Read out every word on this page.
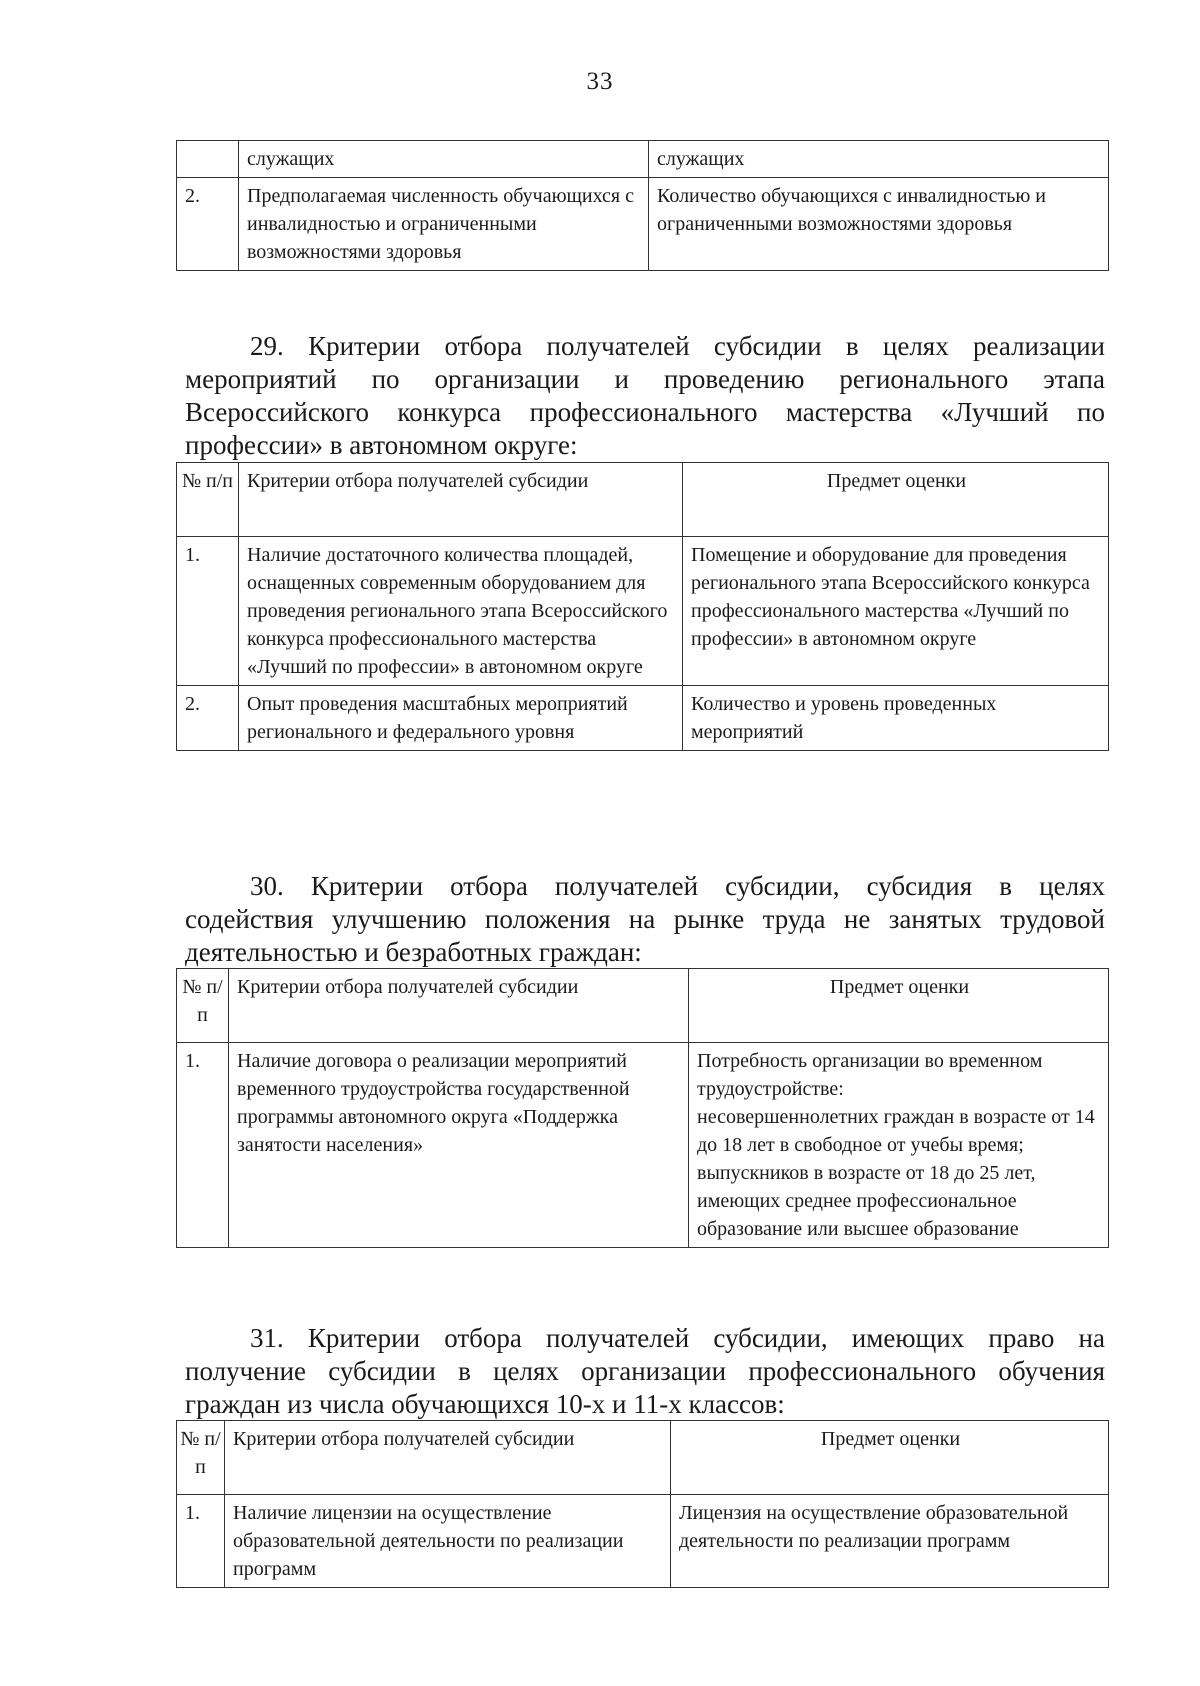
33
	служащих	служащих
2.	Предполагаемая численность обучающихся с инвалидностью и ограниченными возможностями здоровья	Количество обучающихся с инвалидностью и ограниченными возможностями здоровья
29. Критерии отбора получателей субсидии в целях реализации
мероприятий по организации и проведению регионального этапа
Всероссийского конкурса профессионального мастерства «Лучший по
профессии» в автономном округе:
№ п/п	Критерии отбора получателей субсидии	Предмет оценки
1.	Наличие достаточного количества площадей, оснащенных современным оборудованием для проведения регионального этапа Всероссийского конкурса профессионального мастерства «Лучший по профессии» в автономном округе	Помещение и оборудование для проведения регионального этапа Всероссийского конкурса профессионального мастерства «Лучший по профессии» в автономном округе
2.	Опыт проведения масштабных мероприятий регионального и федерального уровня	Количество и уровень проведенных мероприятий
30. Критерии отбора получателей субсидии, субсидия в целях
содействия улучшению положения на рынке труда не занятых трудовой
деятельностью и безработных граждан:
№ п/п	Критерии отбора получателей субсидии	Предмет оценки
1.	Наличие договора о реализации мероприятий временного трудоустройства государственной программы автономного округа «Поддержка занятости населения»	Потребность организации во временном трудоустройстве:
несовершеннолетних граждан в возрасте от 14 до 18 лет в свободное от учебы время;
выпускников в возрасте от 18 до 25 лет, имеющих среднее профессиональное образование или высшее образование
31. Критерии отбора получателей субсидии, имеющих право на
получение субсидии в целях организации профессионального обучения
граждан из числа обучающихся 10-х и 11-х классов:
№ п/п	Критерии отбора получателей субсидии	Предмет оценки
1.	Наличие лицензии на осуществление образовательной деятельности по реализации программ	Лицензия на осуществление образовательной деятельности по реализации программ
